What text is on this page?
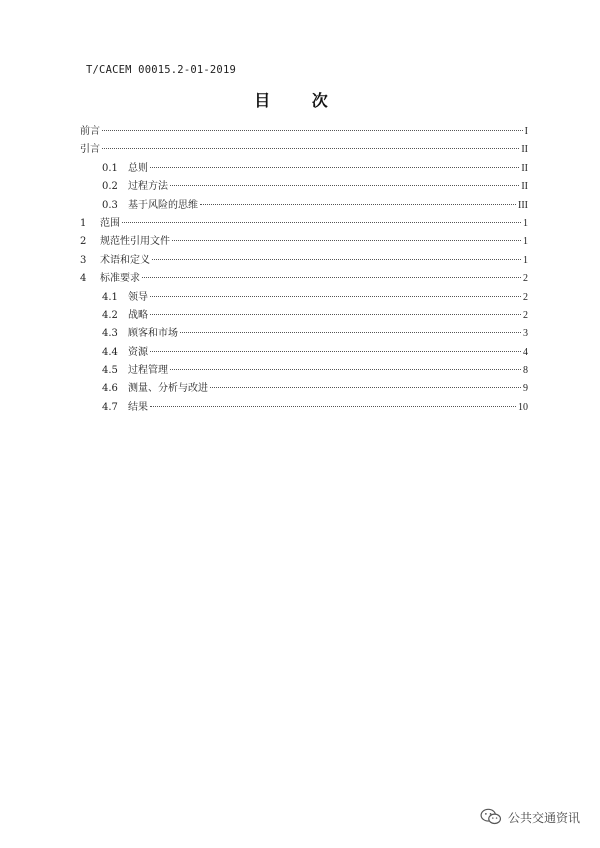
T/CACEM 00015.2-01-2019
目 次
前言	I
引言	II
0.1	总则	II
0.2	过程方法	II
0.3	基于风险的思维	III
1	范围	1
2	规范性引用文件	1
3	术语和定义	1
4	标准要求	2
4.1	领导	2
4.2	战略	2
4.3	顾客和市场	3
4.4	资源	4
4.5	过程管理	8
4.6	测量、分析与改进	9
4.7	结果	10
公共交通资讯
